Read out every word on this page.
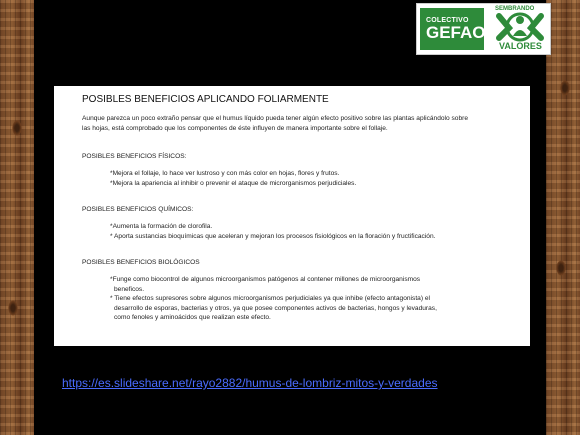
COLECTIVO
GEFAO
SEMBRANDO
VALORES

POSIBLES BENEFICIOS APLICANDO FOLIARMENTE

Aunque parezca un poco extraño pensar que el humus líquido pueda tener algún efecto positivo sobre las plantas aplicándolo sobre
las hojas, está comprobado que los componentes de éste influyen de manera importante sobre el follaje.

POSIBLES BENEFICIOS FÍSICOS:

*Mejora el follaje, lo hace ver lustroso y con más color en hojas, flores y frutos.

*Mejora la apariencia al inhibir o prevenir el ataque de microrganismos perjudiciales.

POSIBLES BENEFICIOS QUÍMICOS:

*Aumenta la formación de clorofila.

* Aporta sustancias bioquímicas que aceleran y mejoran los procesos fisiológicos en la floración y fructificación.

POSIBLES BENEFICIOS BIOLÓGICOS

*Funge como biocontrol de algunos microorganismos patógenos al contener millones de microorganismos

beneficos.

* Tiene efectos supresores sobre algunos microorganismos perjudiciales ya que inhibe (efecto antagonista) el

desarrollo de esporas, bacterias y otros, ya que posee componentes activos de bacterias, hongos y levaduras,

como fenoles y aminoácidos que realizan este efecto.

https://es.slideshare.net/rayo2882/humus-de-lombriz-mitos-y-verdades
